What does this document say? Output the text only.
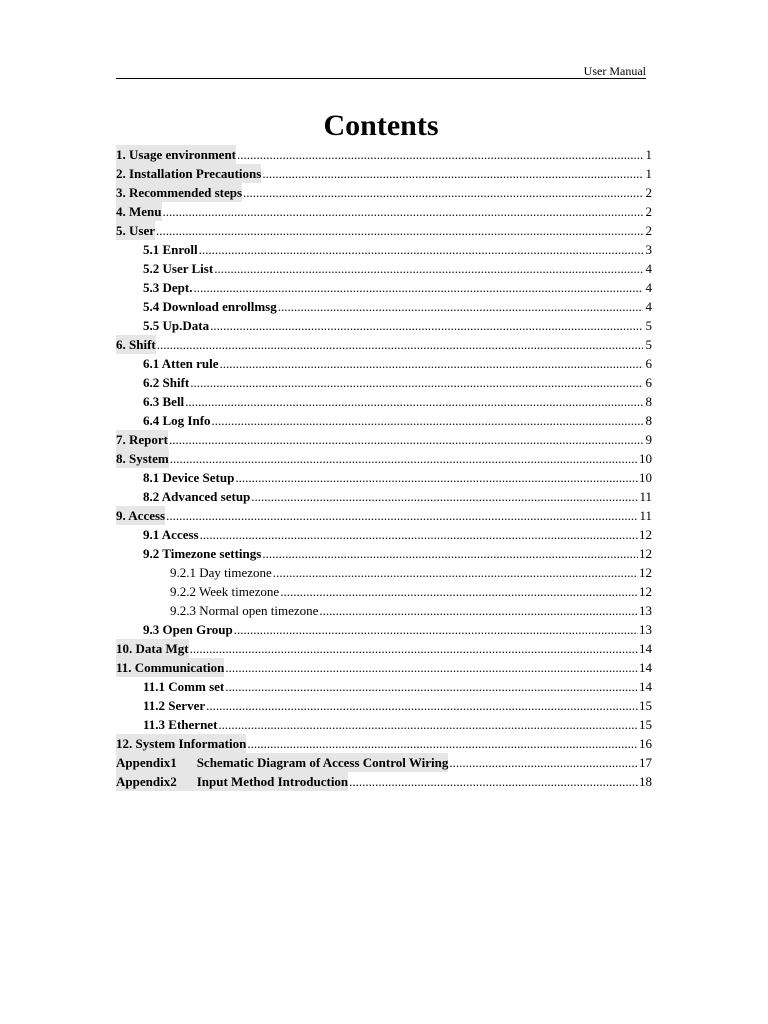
User Manual
Contents
1. Usage environment .....	1
2. Installation Precautions .....	1
3. Recommended steps .....	2
4. Menu .....	2
5. User .....	2
5.1 Enroll .....	3
5.2 User List .....	4
5.3 Dept. .....	4
5.4 Download enrollmsg .....	4
5.5 Up.Data .....	5
6. Shift .....	5
6.1 Atten rule .....	6
6.2 Shift .....	6
6.3 Bell .....	8
6.4 Log Info .....	8
7. Report .....	9
8. System .....	10
8.1 Device Setup .....	10
8.2 Advanced setup .....	11
9. Access .....	11
9.1 Access .....	12
9.2 Timezone settings .....	12
9.2.1 Day timezone .....	12
9.2.2 Week timezone .....	12
9.2.3 Normal open timezone .....	13
9.3 Open Group .....	13
10. Data Mgt .....	14
11. Communication .....	14
11.1 Comm set .....	14
11.2 Server .....	15
11.3 Ethernet .....	15
12. System Information .....	16
Appendix1 Schematic Diagram of Access Control Wiring .....	17
Appendix2 Input Method Introduction .....	18
